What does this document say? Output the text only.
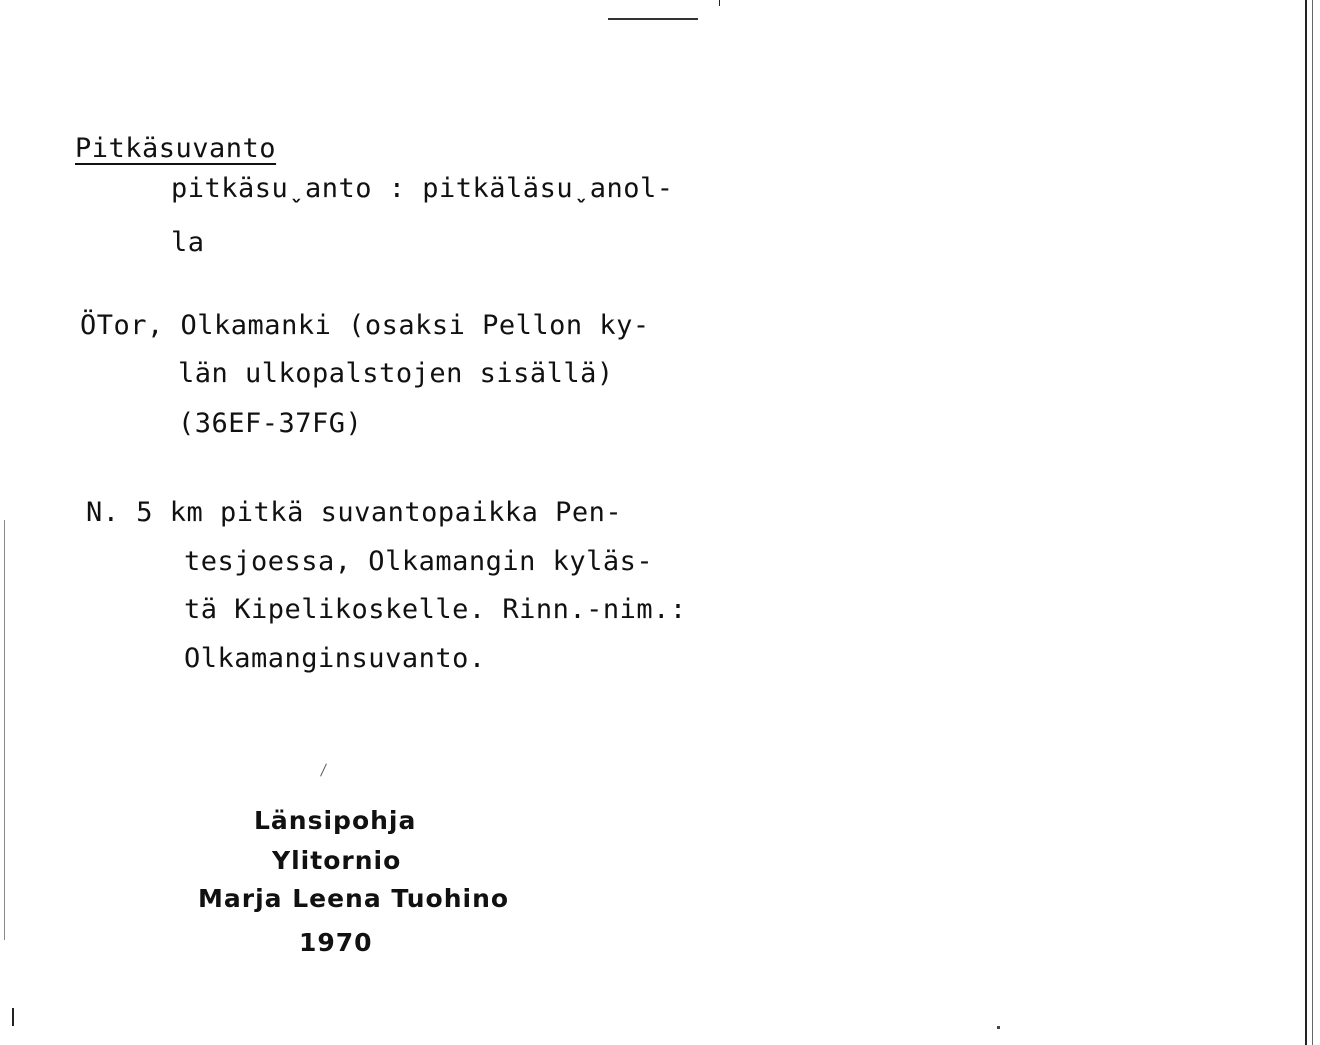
Pitkäsuvanto
pitkäsuˬanto : pitkäläsuˬanol-
la
ÖTor, Olkamanki (osaksi Pellon ky-
län ulkopalstojen sisällä)
(36EF-37FG)
N. 5 km pitkä suvantopaikka Pen-
tesjoessa, Olkamangin kyläs-
tä Kipelikoskelle. Rinn.-nim.:
Olkamanginsuvanto.
Länsipohja
Ylitornio
Marja Leena Tuohino
1970
